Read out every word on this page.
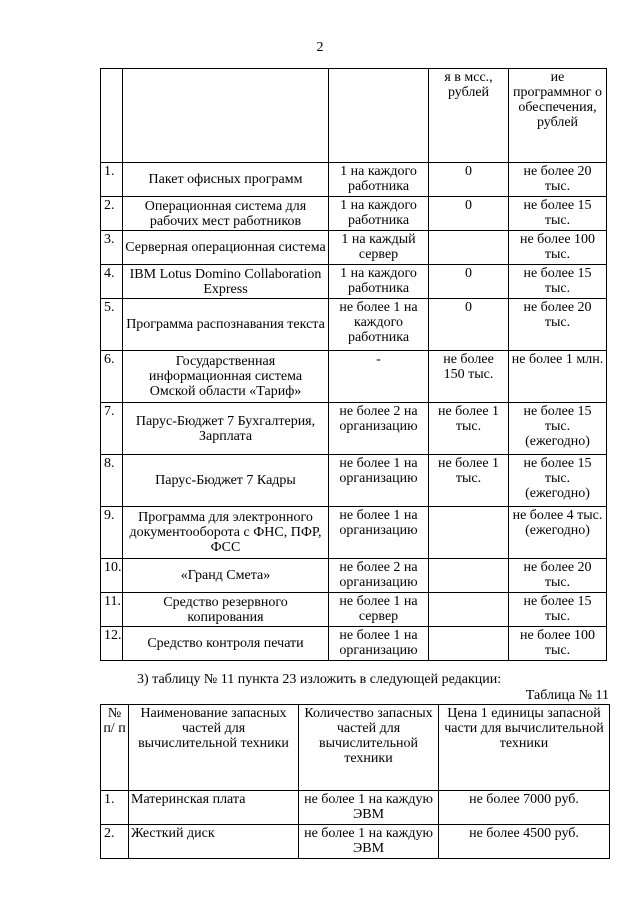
2
			я в мсс., рублей	ие программног о обеспечения, рублей
1.	Пакет офисных программ	1 на каждого работника	0	не более 20 тыс.
2.	Операционная система для рабочих мест работников	1 на каждого работника	0	не более 15 тыс.
3.	Серверная операционная система	1 на каждый сервер		не более 100 тыс.
4.	IBM Lotus Domino Collaboration Express	1 на каждого работника	0	не более 15 тыс.
5.	Программа распознавания текста	не более 1 на каждого работника	0	не более 20 тыс.
6.	Государственная информационная система Омской области «Тариф»	-	не более 150 тыс.	не более 1 млн.
7.	Парус-Бюджет 7 Бухгалтерия, Зарплата	не более 2 на организацию	не более 1 тыс.	не более 15 тыс. (ежегодно)
8.	Парус-Бюджет 7 Кадры	не более 1 на организацию	не более 1 тыс.	не более 15 тыс. (ежегодно)
9.	Программа для электронного документооборота с ФНС, ПФР, ФСС	не более 1 на организацию		не более 4 тыс. (ежегодно)
10.	«Гранд Смета»	не более 2 на организацию		не более 20 тыс.
11.	Средство резервного копирования	не более 1 на сервер		не более 15 тыс.
12.	Средство контроля печати	не более 1 на организацию		не более 100 тыс.
3) таблицу № 11 пункта 23 изложить в следующей редакции:
Таблица № 11
№ п/ п	Наименование запасных частей для вычислительной техники	Количество запасных частей для вычислительной техники	Цена 1 единицы запасной части для вычислительной техники
1.	Материнская плата	не более 1 на каждую ЭВМ	не более 7000 руб.
2.	Жесткий диск	не более 1 на каждую ЭВМ	не более 4500 руб.
